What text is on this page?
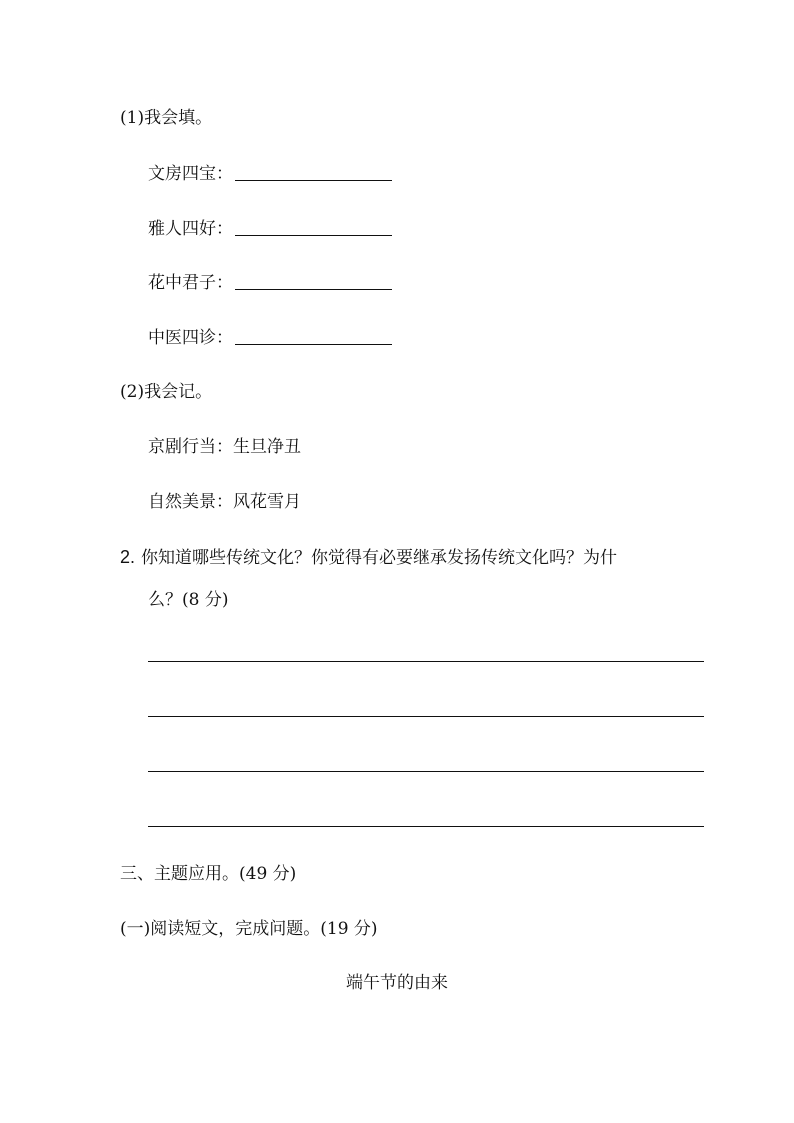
(1)我会填。
文房四宝：
雅人四好：
花中君子：
中医四诊：
(2)我会记。
京剧行当：生旦净丑
自然美景：风花雪月
2. 你知道哪些传统文化？你觉得有必要继承发扬传统文化吗？为什
么？(8 分)
三、主题应用。(49 分)
(一)阅读短文，完成问题。(19 分)
端午节的由来
